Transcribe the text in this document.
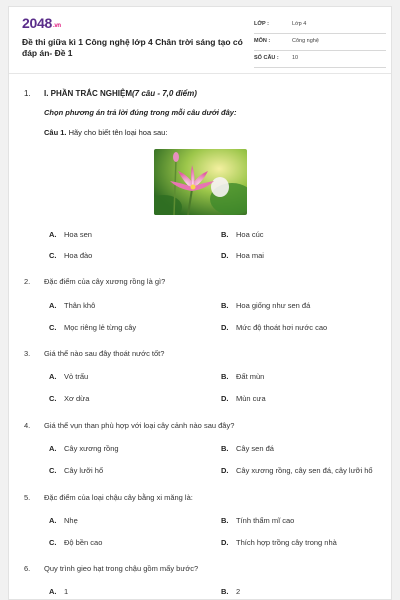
2048.vn
Đề thi giữa kì 1 Công nghệ lớp 4 Chân trời sáng tạo có đáp án- Đề 1
LỚP :	Lớp 4
MÔN :	Công nghệ
SỐ CÂU : 10
1. I. PHẦN TRẮC NGHIỆM(7 câu - 7,0 điểm)
Chọn phương án trả lời đúng trong mỗi câu dưới đây:
Câu 1. Hãy cho biết tên loại hoa sau:
A. Hoa sen	B. Hoa cúc
C. Hoa đào	D. Hoa mai
2. Đặc điểm của cây xương rồng là gì?
A. Thân khô	B. Hoa giống như sen đá
C. Mọc riêng lẻ từng cây	D. Mức độ thoát hơi nước cao
3. Giá thể nào sau đây thoát nước tốt?
A. Vỏ trấu	B. Đất mùn
C. Xơ dừa	D. Mùn cưa
4. Giá thể vụn than phù hợp với loại cây cảnh nào sau đây?
A. Cây xương rồng	B. Cây sen đá
C. Cây lưỡi hổ	D. Cây xương rồng, cây sen đá, cây lưỡi hổ
5. Đặc điểm của loại chậu cây bằng xi măng là:
A. Nhẹ	B. Tính thẩm mĩ cao
C. Độ bền cao	D. Thích hợp trồng cây trong nhà
6. Quy trình gieo hạt trong chậu gồm mấy bước?
A. 1	B. 2
